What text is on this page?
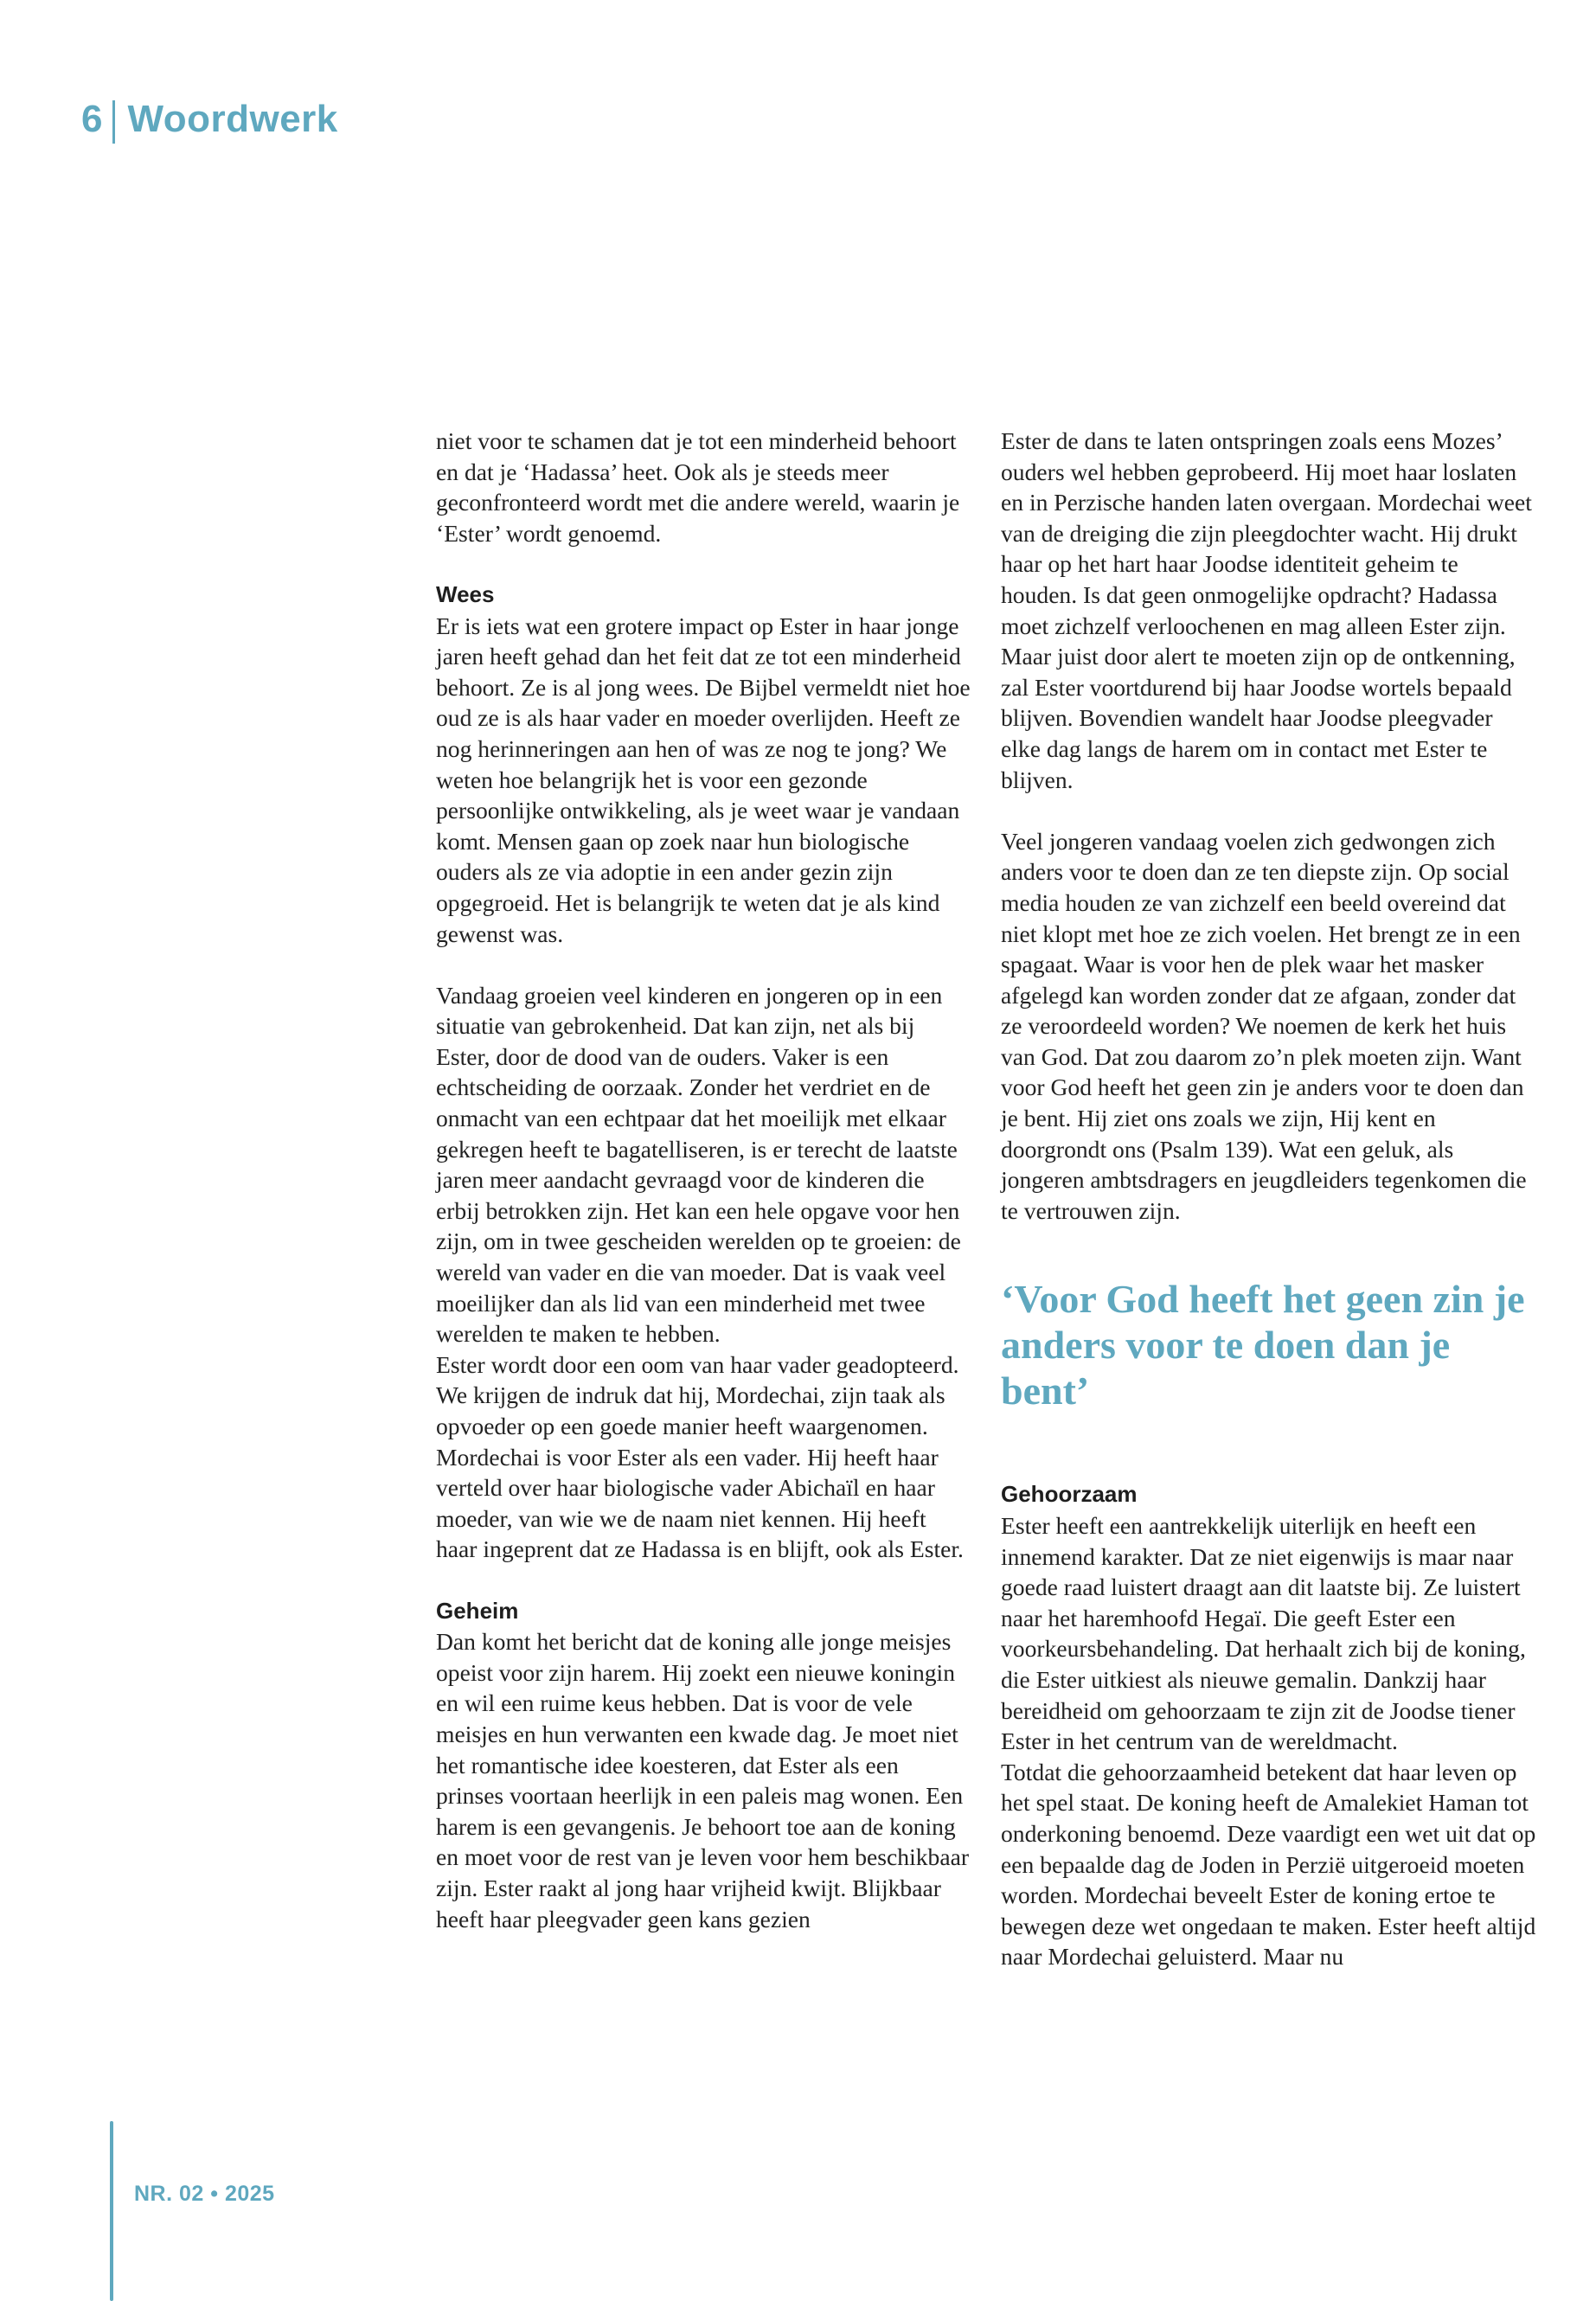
6 Woordwerk

niet voor te schamen dat je tot een minderheid behoort en dat je ‘Hadassa’ heet. Ook als je steeds meer geconfronteerd wordt met die andere wereld, waarin je ‘Ester’ wordt genoemd.

Wees

Er is iets wat een grotere impact op Ester in haar jonge jaren heeft gehad dan het feit dat ze tot een minderheid behoort. Ze is al jong wees. De Bijbel vermeldt niet hoe oud ze is als haar vader en moeder overlijden. Heeft ze nog herinneringen aan hen of was ze nog te jong? We weten hoe belangrijk het is voor een gezonde persoonlijke ontwikkeling, als je weet waar je vandaan komt. Mensen gaan op zoek naar hun biologische ouders als ze via adoptie in een ander gezin zijn opgegroeid. Het is belangrijk te weten dat je als kind gewenst was.

Vandaag groeien veel kinderen en jongeren op in een situatie van gebrokenheid. Dat kan zijn, net als bij Ester, door de dood van de ouders. Vaker is een echtscheiding de oorzaak. Zonder het verdriet en de onmacht van een echtpaar dat het moeilijk met elkaar gekregen heeft te bagatelliseren, is er terecht de laatste jaren meer aandacht gevraagd voor de kinderen die erbij betrokken zijn. Het kan een hele opgave voor hen zijn, om in twee gescheiden werelden op te groeien: de wereld van vader en die van moeder. Dat is vaak veel moeilijker dan als lid van een minderheid met twee werelden te maken te hebben.

Ester wordt door een oom van haar vader geadopteerd. We krijgen de indruk dat hij, Mordechai, zijn taak als opvoeder op een goede manier heeft waargenomen. Mordechai is voor Ester als een vader. Hij heeft haar verteld over haar biologische vader Abichaïl en haar moeder, van wie we de naam niet kennen. Hij heeft haar ingeprent dat ze Hadassa is en blijft, ook als Ester.

Geheim

Dan komt het bericht dat de koning alle jonge meisjes opeist voor zijn harem. Hij zoekt een nieuwe koningin en wil een ruime keus hebben. Dat is voor de vele meisjes en hun verwanten een kwade dag. Je moet niet het romantische idee koesteren, dat Ester als een prinses voortaan heerlijk in een paleis mag wonen. Een harem is een gevangenis. Je behoort toe aan de koning en moet voor de rest van je leven voor hem beschikbaar zijn. Ester raakt al jong haar vrijheid kwijt. Blijkbaar heeft haar pleegvader geen kans gezien

Ester de dans te laten ontspringen zoals eens Mozes’ ouders wel hebben geprobeerd. Hij moet haar loslaten en in Perzische handen laten overgaan. Mordechai weet van de dreiging die zijn pleegdochter wacht. Hij drukt haar op het hart haar Joodse identiteit geheim te houden. Is dat geen onmogelijke opdracht? Hadassa moet zichzelf verloochenen en mag alleen Ester zijn. Maar juist door alert te moeten zijn op de ontkenning, zal Ester voortdurend bij haar Joodse wortels bepaald blijven. Bovendien wandelt haar Joodse pleegvader elke dag langs de harem om in contact met Ester te blijven.

Veel jongeren vandaag voelen zich gedwongen zich anders voor te doen dan ze ten diepste zijn. Op social media houden ze van zichzelf een beeld overeind dat niet klopt met hoe ze zich voelen. Het brengt ze in een spagaat. Waar is voor hen de plek waar het masker afgelegd kan worden zonder dat ze afgaan, zonder dat ze veroordeeld worden? We noemen de kerk het huis van God. Dat zou daarom zo’n plek moeten zijn. Want voor God heeft het geen zin je anders voor te doen dan je bent. Hij ziet ons zoals we zijn, Hij kent en doorgrondt ons (Psalm 139). Wat een geluk, als jongeren ambtsdragers en jeugdleiders tegenkomen die te vertrouwen zijn.

‘Voor God heeft het geen zin je anders voor te doen dan je bent’
Gehoorzaam

Ester heeft een aantrekkelijk uiterlijk en heeft een innemend karakter. Dat ze niet eigenwijs is maar naar goede raad luistert draagt aan dit laatste bij. Ze luistert naar het haremhoofd Hegaï. Die geeft Ester een voorkeursbehandeling. Dat herhaalt zich bij de koning, die Ester uitkiest als nieuwe gemalin. Dankzij haar bereidheid om gehoorzaam te zijn zit de Joodse tiener Ester in het centrum van de wereldmacht.

Totdat die gehoorzaamheid betekent dat haar leven op het spel staat. De koning heeft de Amalekiet Haman tot onderkoning benoemd. Deze vaardigt een wet uit dat op een bepaalde dag de Joden in Perzië uitgeroeid moeten worden. Mordechai beveelt Ester de koning ertoe te bewegen deze wet ongedaan te maken. Ester heeft altijd naar Mordechai geluisterd. Maar nu

NR. 02 • 2025
